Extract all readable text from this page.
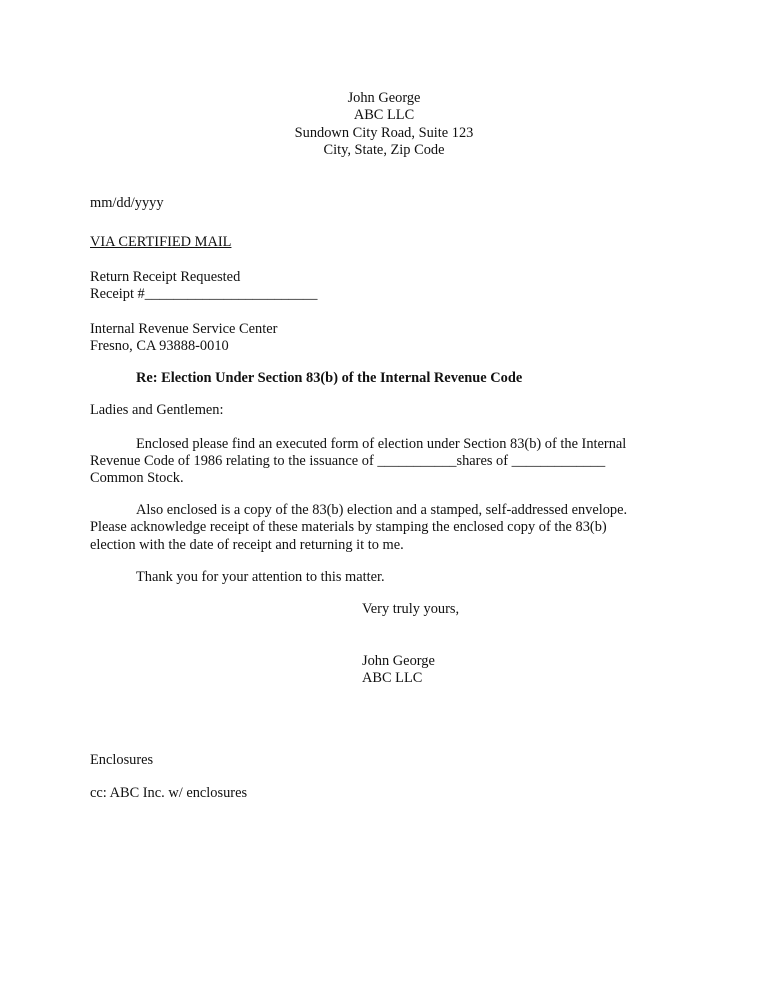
John George
ABC LLC
Sundown City Road, Suite 123
City, State, Zip Code
mm/dd/yyyy
VIA CERTIFIED MAIL
Return Receipt Requested
Receipt #________________________
Internal Revenue Service Center
Fresno, CA 93888-0010
Re: Election Under Section 83(b) of the Internal Revenue Code
Ladies and Gentlemen:
Enclosed please find an executed form of election under Section 83(b) of the Internal
Revenue Code of 1986 relating to the issuance of ___________shares of _____________
Common Stock.
Also enclosed is a copy of the 83(b) election and a stamped, self-addressed envelope.
Please acknowledge receipt of these materials by stamping the enclosed copy of the 83(b)
election with the date of receipt and returning it to me.
Thank you for your attention to this matter.
Very truly yours,
John George
ABC LLC
Enclosures
cc: ABC Inc. w/ enclosures
